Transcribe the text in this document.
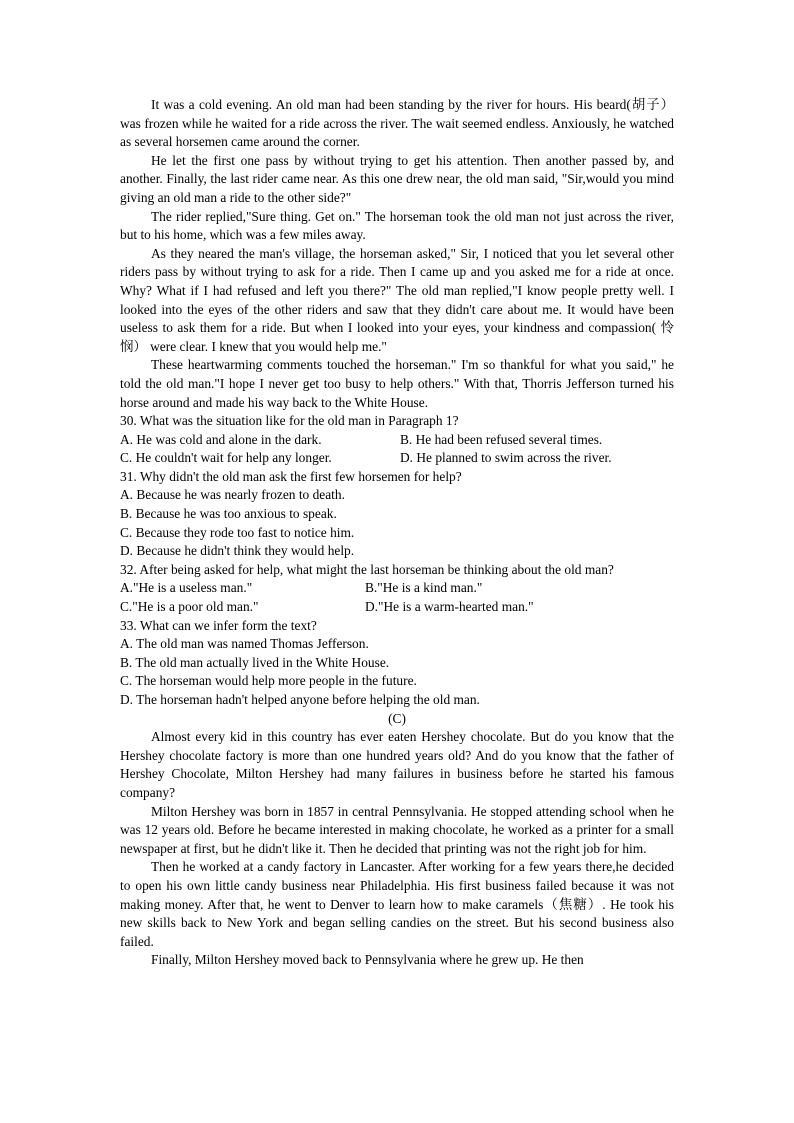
It was a cold evening. An old man had been standing by the river for hours. His beard(胡子） was frozen while he waited for a ride across the river. The wait seemed endless. Anxiously, he watched as several horsemen came around the corner.

He let the first one pass by without trying to get his attention. Then another passed by, and another. Finally, the last rider came near. As this one drew near, the old man said, "Sir,would you mind giving an old man a ride to the other side?"

The rider replied,"Sure thing. Get on." The horseman took the old man not just across the river, but to his home, which was a few miles away.

As they neared the man's village, the horseman asked," Sir, I noticed that you let several other riders pass by without trying to ask for a ride. Then I came up and you asked me for a ride at once. Why? What if I had refused and left you there?" The old man replied,"I know people pretty well. I looked into the eyes of the other riders and saw that they didn't care about me. It would have been useless to ask them for a ride. But when I looked into your eyes, your kindness and compassion( 怜悯） were clear. I knew that you would help me."

These heartwarming comments touched the horseman." I'm so thankful for what you said," he told the old man."I hope I never get too busy to help others." With that, Thorris Jefferson turned his horse around and made his way back to the White House.

30. What was the situation like for the old man in Paragraph 1?

A. He was cold and alone in the dark.	B. He had been refused several times.
C. He couldn't wait for help any longer.	D. He planned to swim across the river.

31. Why didn't the old man ask the first few horsemen for help?

A. Because he was nearly frozen to death.

B. Because he was too anxious to speak.

C. Because they rode too fast to notice him.

D. Because he didn't think they would help.

32. After being asked for help, what might the last horseman be thinking about the old man?

A."He is a useless man."	B."He is a kind man."
C."He is a poor old man."	D."He is a warm-hearted man."

33. What can we infer form the text?

A. The old man was named Thomas Jefferson.

B. The old man actually lived in the White House.

C. The horseman would help more people in the future.

D. The horseman hadn't helped anyone before helping the old man.

(C)

Almost every kid in this country has ever eaten Hershey chocolate. But do you know that the Hershey chocolate factory is more than one hundred years old? And do you know that the father of Hershey Chocolate, Milton Hershey had many failures in business before he started his famous company?

Milton Hershey was born in 1857 in central Pennsylvania. He stopped attending school when he was 12 years old. Before he became interested in making chocolate, he worked as a printer for a small newspaper at first, but he didn't like it. Then he decided that printing was not the right job for him.

Then he worked at a candy factory in Lancaster. After working for a few years there,he decided to open his own little candy business near Philadelphia. His first business failed because it was not making money. After that, he went to Denver to learn how to make caramels（焦糖）. He took his new skills back to New York and began selling candies on the street. But his second business also failed.

Finally, Milton Hershey moved back to Pennsylvania where he grew up. He then
